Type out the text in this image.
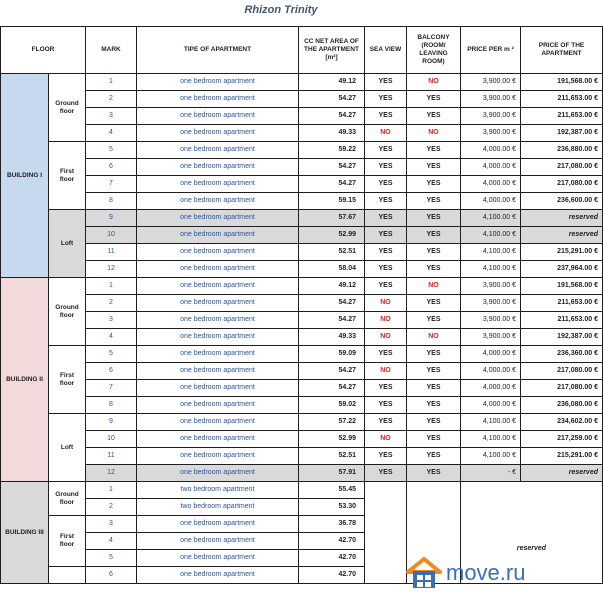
Rhizon Trinity
FLOOR		MARK	TIPE OF APARTMENT	CC NET AREA OF THE APARTMENT [m²]	SEA VIEW	BALCONY (ROOM/ LEAVING ROOM)	PRICE PER m ²	PRICE OF THE APARTMENT
BUILDING I	Ground floor	1	one bedroom apartment	49.12	YES	NO	3,900.00 €	191,568.00 €
		2	one bedroom apartment	54.27	YES	YES	3,900.00 €	211,653.00 €
		3	one bedroom apartment	54.27	YES	YES	3,900.00 €	211,653.00 €
		4	one bedroom apartment	49.33	NO	NO	3,900.00 €	192,387.00 €
	First floor	5	one bedroom apartment	59.22	YES	YES	4,000.00 €	236,880.00 €
		6	one bedroom apartment	54.27	YES	YES	4,000.00 €	217,080.00 €
		7	one bedroom apartment	54.27	YES	YES	4,000.00 €	217,080.00 €
		8	one bedroom apartment	59.15	YES	YES	4,000.00 €	236,600.00 €
	Loft	9	one bedroom apartment	57.67	YES	YES	4,100.00 €	reserved
		10	one bedroom apartment	52.99	YES	YES	4,100.00 €	reserved
		11	one bedroom apartment	52.51	YES	YES	4,100.00 €	215,291.00 €
		12	one bedroom apartment	58.04	YES	YES	4,100.00 €	237,964.00 €
BUILDING II	Ground floor	1	one bedroom apartment	49.12	YES	NO	3,900.00 €	191,568.00 €
		2	one bedroom apartment	54.27	NO	YES	3,900.00 €	211,653.00 €
		3	one bedroom apartment	54.27	NO	YES	3,900.00 €	211,653.00 €
		4	one bedroom apartment	49.33	NO	NO	3,900.00 €	192,387.00 €
	First floor	5	one bedroom apartment	59.09	YES	YES	4,000.00 €	236,360.00 €
		6	one bedroom apartment	54.27	NO	YES	4,000.00 €	217,080.00 €
		7	one bedroom apartment	54.27	YES	YES	4,000.00 €	217,080.00 €
		8	one bedroom apartment	59.02	YES	YES	4,000.00 €	236,080.00 €
	Loft	9	one bedroom apartment	57.22	YES	YES	4,100.00 €	234,602.00 €
		10	one bedroom apartment	52.99	NO	YES	4,100.00 €	217,259.00 €
		11	one bedroom apartment	52.51	YES	YES	4,100.00 €	215,291.00 €
		12	one bedroom apartment	57.91	YES	YES	- €	reserved
BUILDING III	Ground floor	1	two bedroom apartment	55.45			reserved	
		2	two bedroom apartment	53.30				
	First floor	3	one bedroom apartment	36.78				
		4	one bedroom apartment	42.70				
		5	one bedroom apartment	42.70				
		6	one bedroom apartment	42.70					move.ru
